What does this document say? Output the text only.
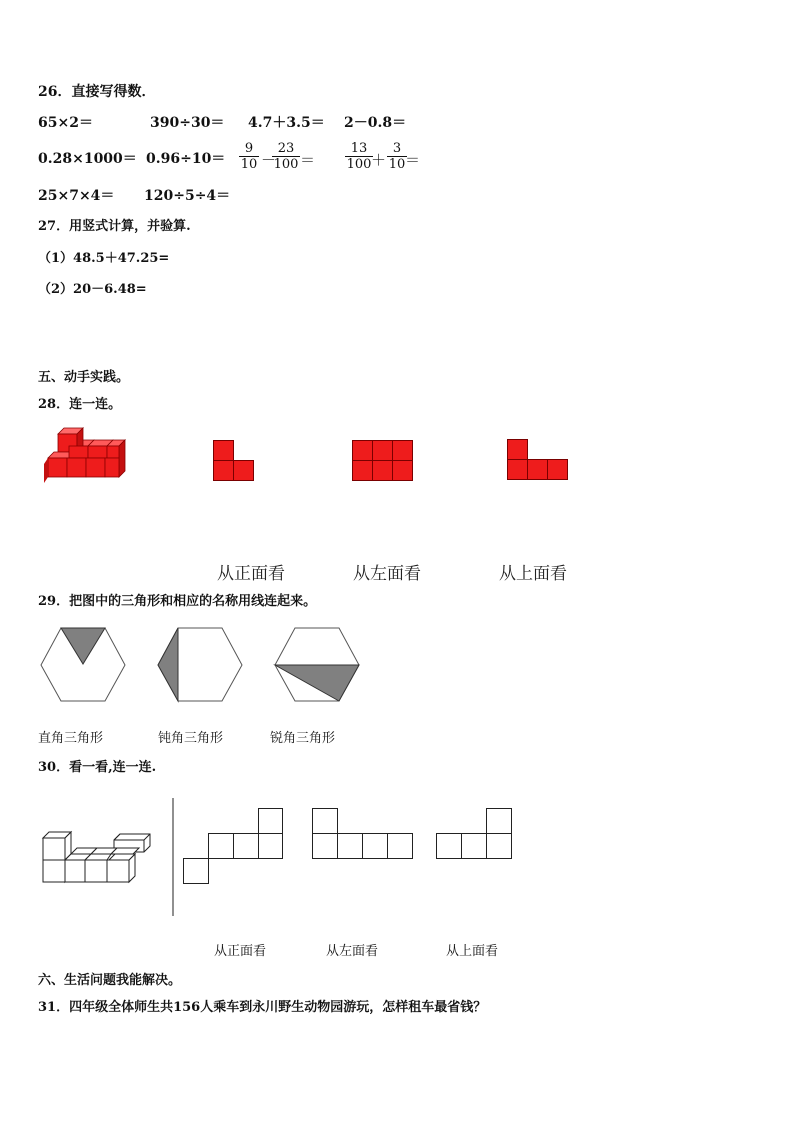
26．直接写得数．
65×2＝	390÷30＝ 4.7＋3.5＝ 2－0.8＝
0.28×1000＝ 0.96÷10＝
9
10 －
23
100 ＝
13
100 ＋
3
10 ＝
25×7×4＝ 120÷5÷4＝
27．用竖式计算，并验算.
（1）48.5＋47.25=
（2）20－6.48=
五、动手实践。
28．连一连。
从正面看	从左面看	从上面看
29．把图中的三角形和相应的名称用线连起来。
直角三角形	钝角三角形	锐角三角形
30．看一看,连一连.
从正面看	从左面看	从上面看
六、生活问题我能解决。
31．四年级全体师生共156人乘车到永川野生动物园游玩，怎样租车最省钱？
